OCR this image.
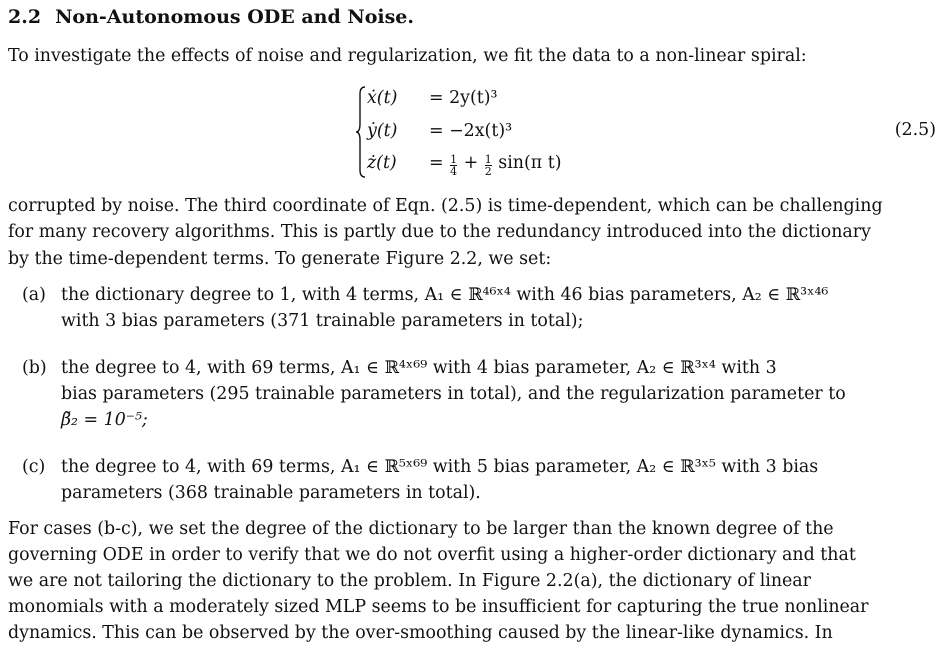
2.2 Non-Autonomous ODE and Noise.
To investigate the effects of noise and regularization, we fit the data to a non-linear spiral:
ẋ(t) = 2y(t)³
ẏ(t) = −2x(t)³
ż(t) = $\frac{1}{4} + \frac{1}{2} \sin(\pi$ t)
(2.5)
corrupted by noise. The third coordinate of Eqn. (2.5) is time-dependent, which can be challenging
for many recovery algorithms. This is partly due to the redundancy introduced into the dictionary
by the time-dependent terms. To generate Figure 2.2, we set:
(a) the dictionary degree to 1, with 4 terms, A₁ ∈ ℝ⁴⁶ˣ⁴ with 46 bias parameters, A₂ ∈ ℝ³ˣ⁴⁶
with 3 bias parameters (371 trainable parameters in total);
(b) the degree to 4, with 69 terms, A₁ ∈ ℝ⁴ˣ⁶⁹ with 4 bias parameter, A₂ ∈ ℝ³ˣ⁴ with 3
bias parameters (295 trainable parameters in total), and the regularization parameter to
β̃₂ = 10⁻⁵;
(c) the degree to 4, with 69 terms, A₁ ∈ ℝ⁵ˣ⁶⁹ with 5 bias parameter, A₂ ∈ ℝ³ˣ⁵ with 3 bias
parameters (368 trainable parameters in total).
For cases (b-c), we set the degree of the dictionary to be larger than the known degree of the
governing ODE in order to verify that we do not overfit using a higher-order dictionary and that
we are not tailoring the dictionary to the problem. In Figure 2.2(a), the dictionary of linear
monomials with a moderately sized MLP seems to be insufficient for capturing the true nonlinear
dynamics. This can be observed by the over-smoothing caused by the linear-like dynamics. In
